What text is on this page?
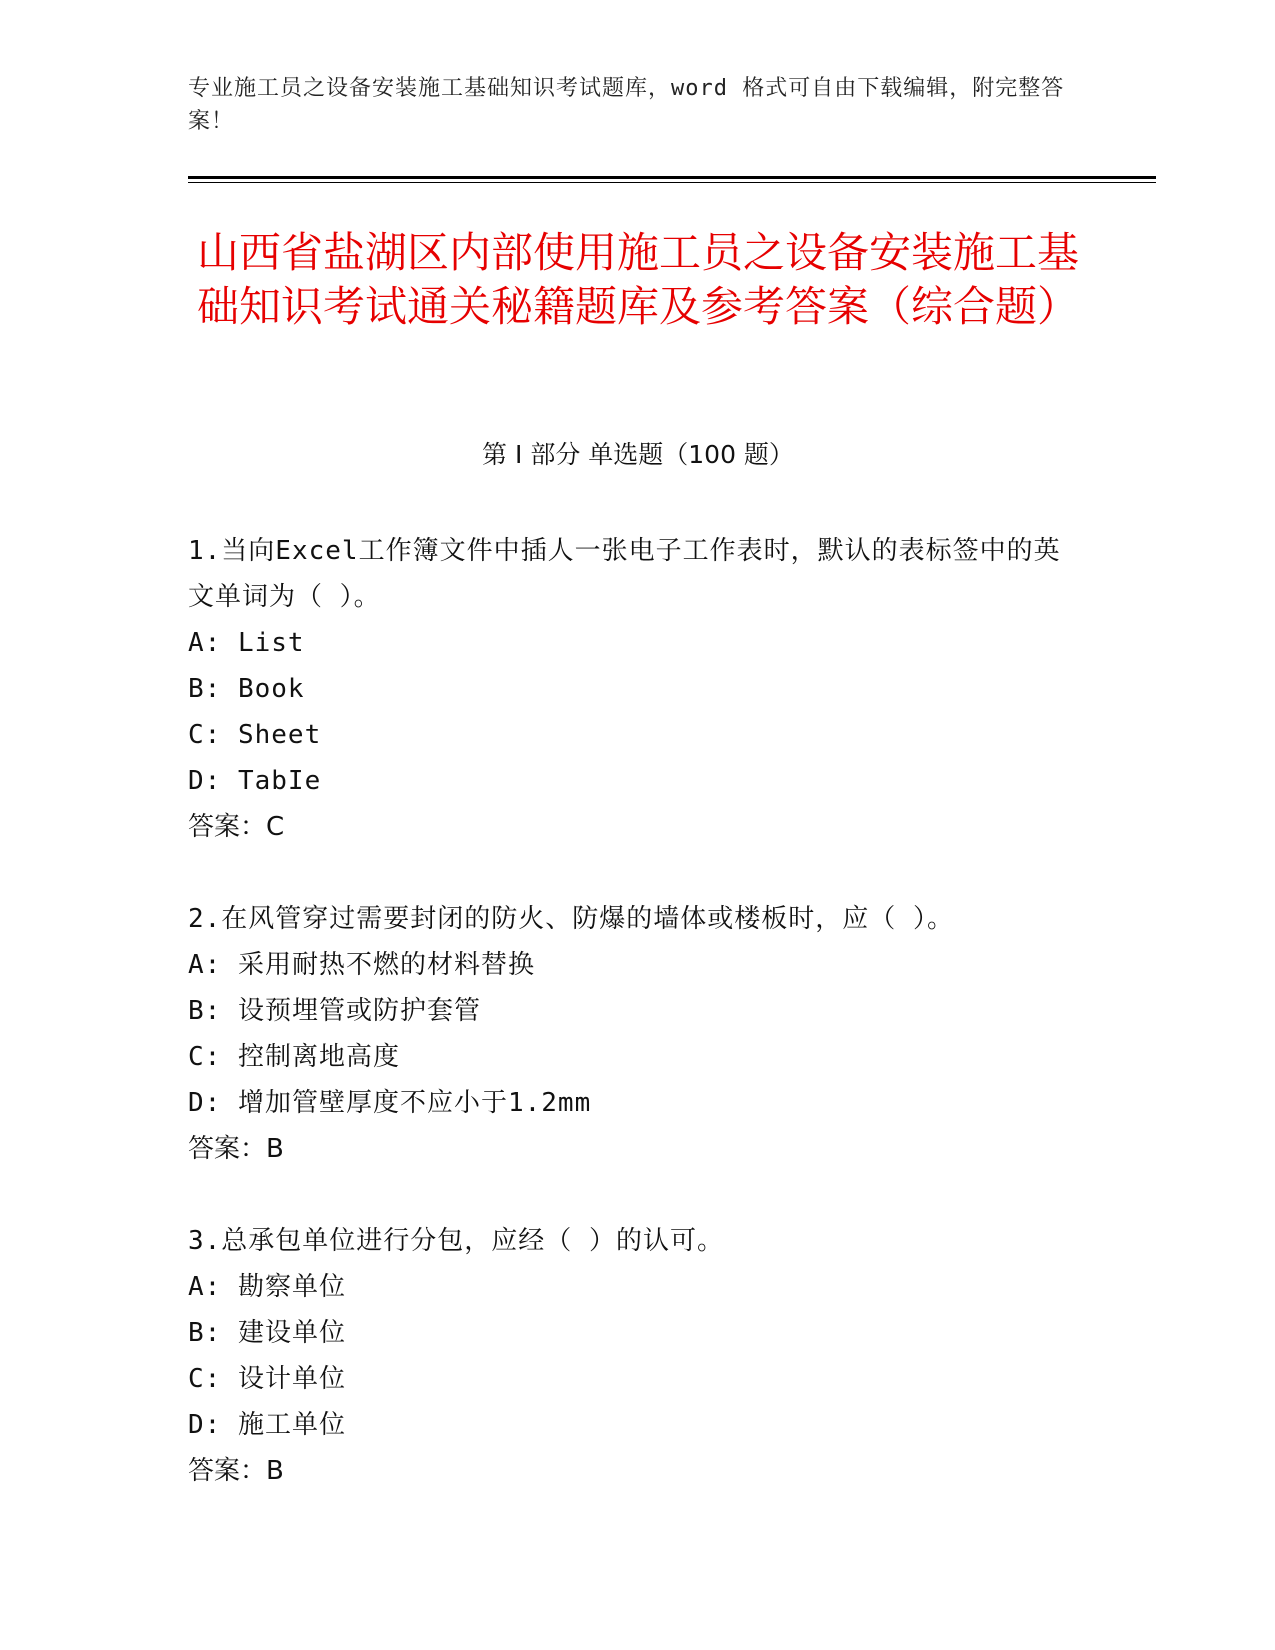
专业施工员之设备安装施工基础知识考试题库，word 格式可自由下载编辑，附完整答案！
山西省盐湖区内部使用施工员之设备安装施工基础知识考试通关秘籍题库及参考答案（综合题）
第 I 部分 单选题（100 题）

1.当向Excel工作簿文件中插人一张电子工作表时，默认的表标签中的英文单词为（ ）。

A: List

B: Book

C: Sheet

D: TabIe

答案：C

2.在风管穿过需要封闭的防火、防爆的墙体或楼板时，应（ ）。

A: 采用耐热不燃的材料替换

B: 设预埋管或防护套管

C: 控制离地高度

D: 增加管壁厚度不应小于1.2mm

答案：B

3.总承包单位进行分包，应经（ ）的认可。

A: 勘察单位

B: 建设单位

C: 设计单位

D: 施工单位

答案：B
